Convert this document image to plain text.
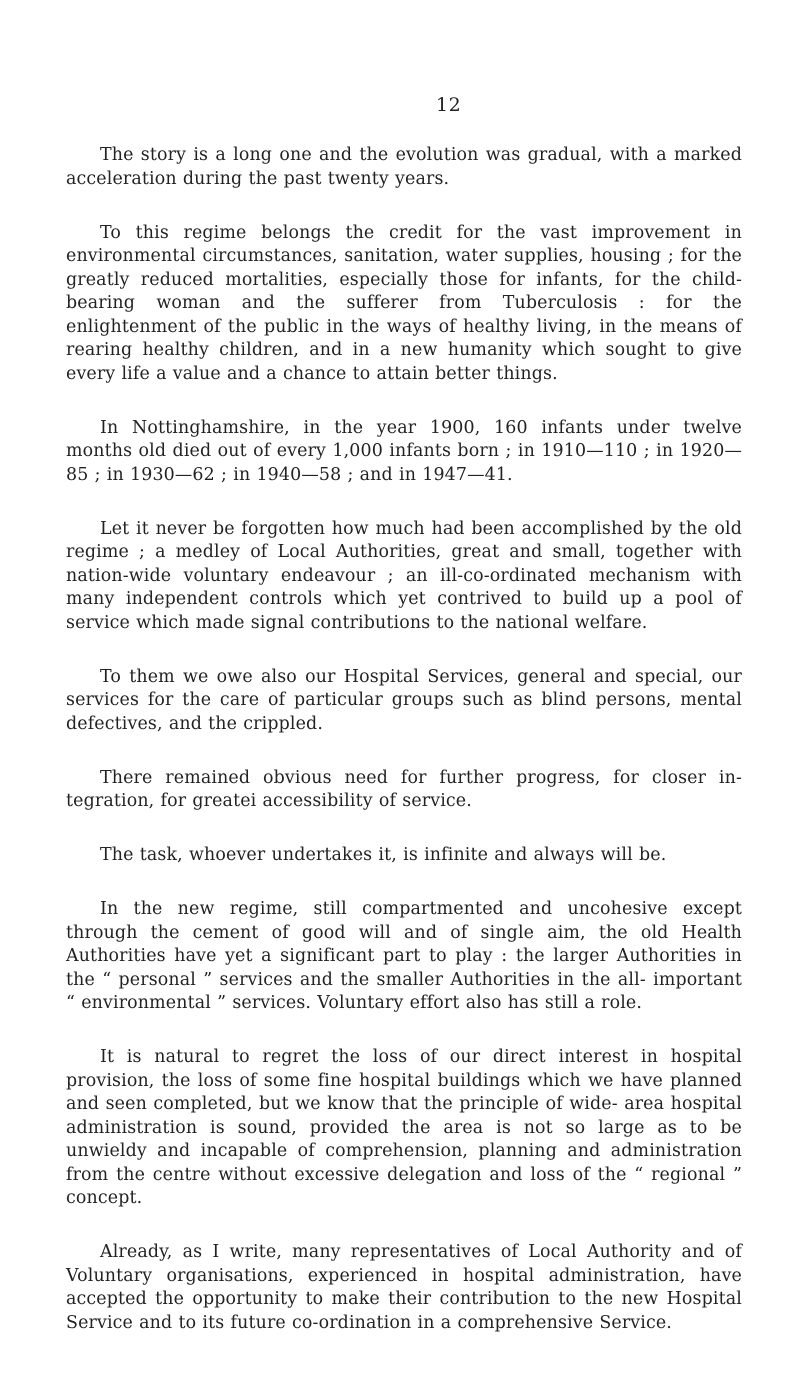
12

The story is a long one and the evolution was gradual, with a marked acceleration during the past twenty years.

To this regime belongs the credit for the vast improvement in environmental circumstances, sanitation, water supplies, housing ; for the greatly reduced mortalities, especially those for infants, for the child-bearing woman and the sufferer from Tuberculosis : for the enlightenment of the public in the ways of healthy living, in the means of rearing healthy children, and in a new humanity which sought to give every life a value and a chance to attain better things.

In Nottinghamshire, in the year 1900, 160 infants under twelve months old died out of every 1,000 infants born ; in 1910—110 ; in 1920—85 ; in 1930—62 ; in 1940—58 ; and in 1947—41.

Let it never be forgotten how much had been accomplished by the old regime ; a medley of Local Authorities, great and small, together with nation-wide voluntary endeavour ; an ill-co-ordinated mechanism with many independent controls which yet contrived to build up a pool of service which made signal contributions to the national welfare.

To them we owe also our Hospital Services, general and special, our services for the care of particular groups such as blind persons, mental defectives, and the crippled.

There remained obvious need for further progress, for closer in- tegration, for greatei accessibility of service.

The task, whoever undertakes it, is infinite and always will be.

In the new regime, still compartmented and uncohesive except through the cement of good will and of single aim, the old Health Authorities have yet a significant part to play : the larger Authorities in the “ personal ” services and the smaller Authorities in the all- important “ environmental ” services. Voluntary effort also has still a role.

It is natural to regret the loss of our direct interest in hospital provision, the loss of some fine hospital buildings which we have planned and seen completed, but we know that the principle of wide- area hospital administration is sound, provided the area is not so large as to be unwieldy and incapable of comprehension, planning and administration from the centre without excessive delegation and loss of the “ regional ” concept.

Already, as I write, many representatives of Local Authority and of Voluntary organisations, experienced in hospital administration, have accepted the opportunity to make their contribution to the new Hospital Service and to its future co-ordination in a comprehensive Service.
